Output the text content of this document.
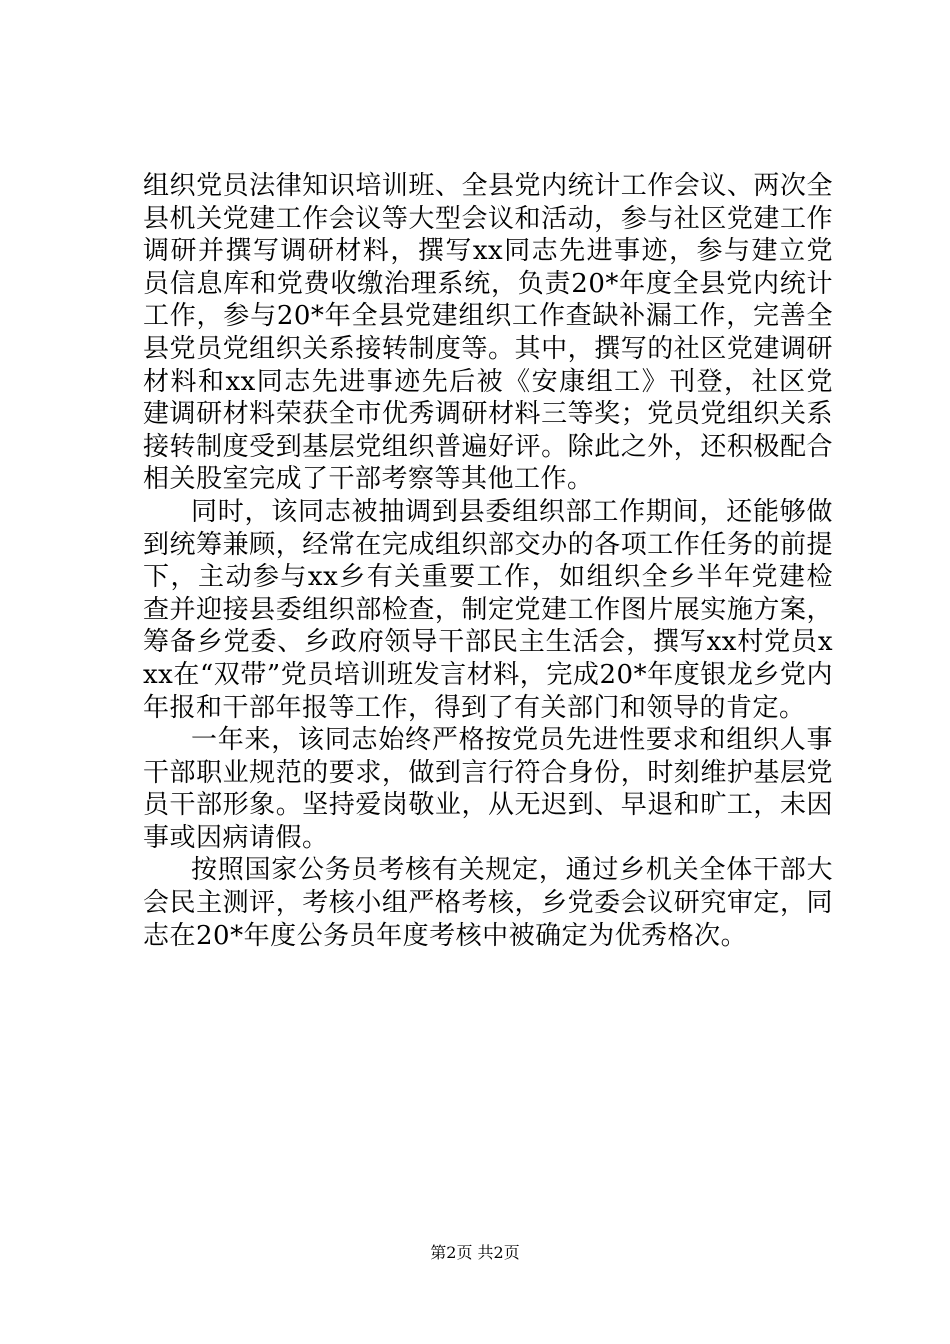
组织党员法律知识培训班、全县党内统计工作会议、两次全县机关党建工作会议等大型会议和活动，参与社区党建工作调研并撰写调研材料，撰写xx同志先进事迹，参与建立党员信息库和党费收缴治理系统，负责20*年度全县党内统计工作，参与20*年全县党建组织工作查缺补漏工作，完善全县党员党组织关系接转制度等。其中，撰写的社区党建调研材料和xx同志先进事迹先后被《安康组工》刊登，社区党建调研材料荣获全市优秀调研材料三等奖；党员党组织关系接转制度受到基层党组织普遍好评。除此之外，还积极配合相关股室完成了干部考察等其他工作。

同时，该同志被抽调到县委组织部工作期间，还能够做到统筹兼顾，经常在完成组织部交办的各项工作任务的前提下，主动参与xx乡有关重要工作，如组织全乡半年党建检查并迎接县委组织部检查，制定党建工作图片展实施方案，筹备乡党委、乡政府领导干部民主生活会，撰写xx村党员xxx在“双带”党员培训班发言材料，完成20*年度银龙乡党内年报和干部年报等工作，得到了有关部门和领导的肯定。

一年来，该同志始终严格按党员先进性要求和组织人事干部职业规范的要求，做到言行符合身份，时刻维护基层党员干部形象。坚持爱岗敬业，从无迟到、早退和旷工，未因事或因病请假。

按照国家公务员考核有关规定，通过乡机关全体干部大会民主测评，考核小组严格考核，乡党委会议研究审定，同志在20*年度公务员年度考核中被确定为优秀格次。

第2页 共2页
